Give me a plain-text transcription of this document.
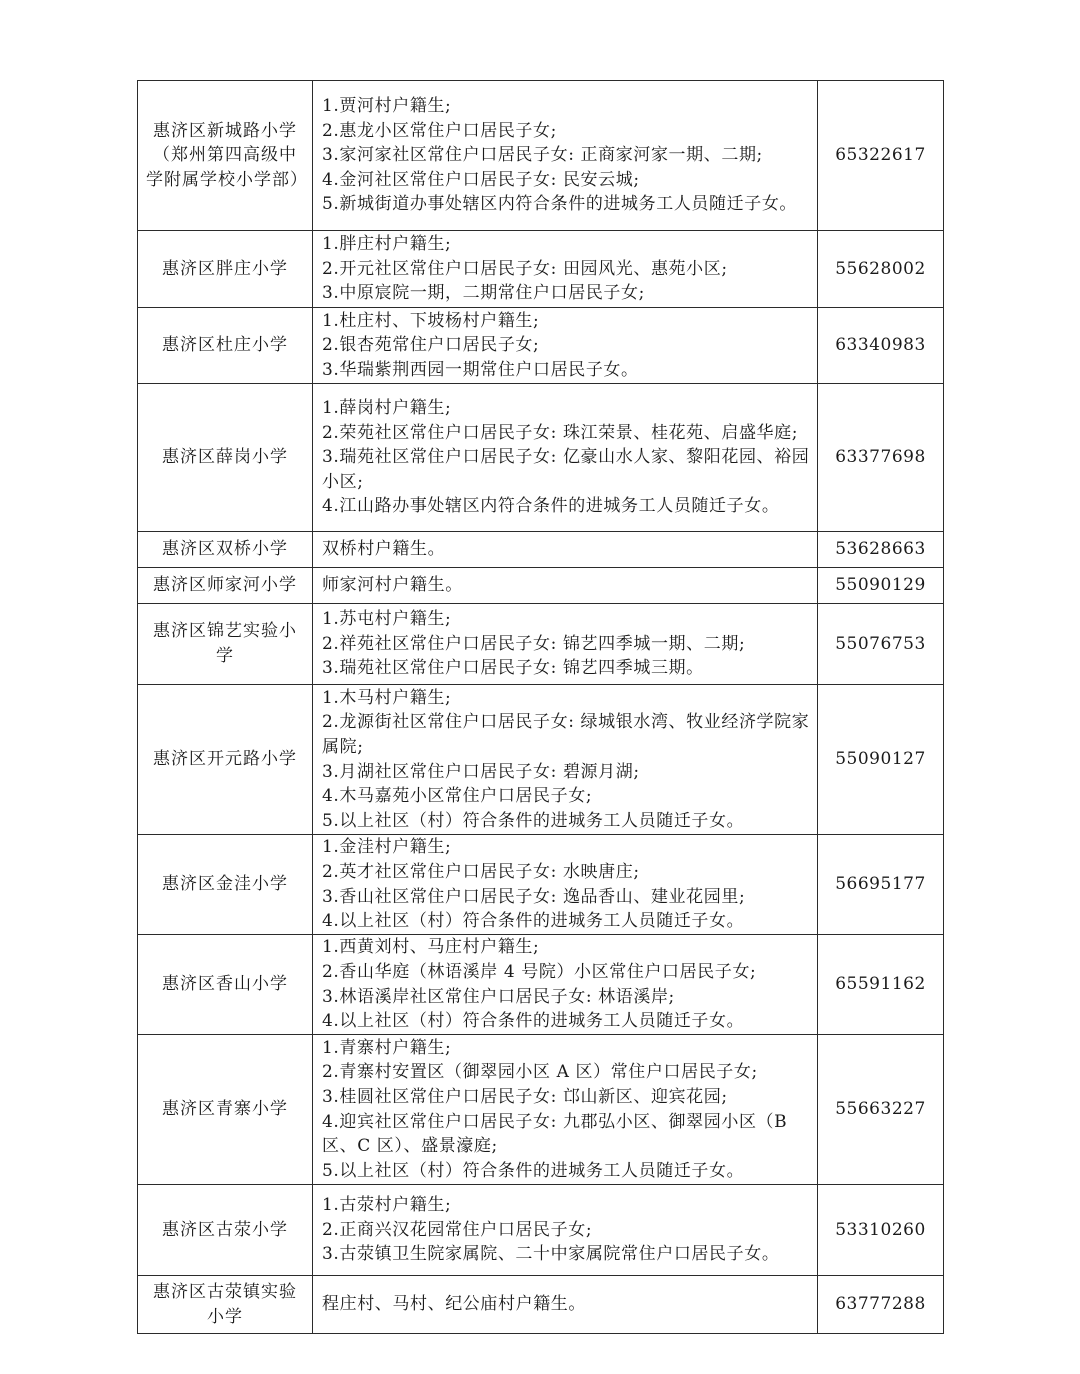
惠济区新城路小学（郑州第四高级中学附属学校小学部）	1.贾河村户籍生;
2.惠龙小区常住户口居民子女;
3.家河家社区常住户口居民子女: 正商家河家一期、二期;
4.金河社区常住户口居民子女: 民安云城;
5.新城街道办事处辖区内符合条件的进城务工人员随迁子女。	65322617
惠济区胖庄小学	1.胖庄村户籍生;
2.开元社区常住户口居民子女: 田园风光、惠苑小区;
3.中原宸院一期，二期常住户口居民子女;	55628002
惠济区杜庄小学	1.杜庄村、下坡杨村户籍生;
2.银杏苑常住户口居民子女;
3.华瑞紫荆西园一期常住户口居民子女。	63340983
惠济区薛岗小学	1.薛岗村户籍生;
2.荣苑社区常住户口居民子女: 珠江荣景、桂花苑、启盛华庭;
3.瑞苑社区常住户口居民子女: 亿豪山水人家、黎阳花园、裕园小区;
4.江山路办事处辖区内符合条件的进城务工人员随迁子女。	63377698
惠济区双桥小学	双桥村户籍生。	53628663
惠济区师家河小学	师家河村户籍生。	55090129
惠济区锦艺实验小学	1.苏屯村户籍生;
2.祥苑社区常住户口居民子女: 锦艺四季城一期、二期;
3.瑞苑社区常住户口居民子女: 锦艺四季城三期。	55076753
惠济区开元路小学	1.木马村户籍生;
2.龙源街社区常住户口居民子女: 绿城银水湾、牧业经济学院家属院;
3.月湖社区常住户口居民子女: 碧源月湖;
4.木马嘉苑小区常住户口居民子女;
5.以上社区（村）符合条件的进城务工人员随迁子女。	55090127
惠济区金洼小学	1.金洼村户籍生;
2.英才社区常住户口居民子女: 水映唐庄;
3.香山社区常住户口居民子女: 逸品香山、建业花园里;
4.以上社区（村）符合条件的进城务工人员随迁子女。	56695177
惠济区香山小学	1.西黄刘村、马庄村户籍生;
2.香山华庭（林语溪岸 4 号院）小区常住户口居民子女;
3.林语溪岸社区常住户口居民子女: 林语溪岸;
4.以上社区（村）符合条件的进城务工人员随迁子女。	65591162
惠济区青寨小学	1.青寨村户籍生;
2.青寨村安置区（御翠园小区 A 区）常住户口居民子女;
3.桂圆社区常住户口居民子女: 邙山新区、迎宾花园;
4.迎宾社区常住户口居民子女: 九郡弘小区、御翠园小区（B 区、C 区）、盛景濠庭;
5.以上社区（村）符合条件的进城务工人员随迁子女。	55663227
惠济区古荥小学	1.古荥村户籍生;
2.正商兴汉花园常住户口居民子女;
3.古荥镇卫生院家属院、二十中家属院常住户口居民子女。	53310260
惠济区古荥镇实验小学	程庄村、马村、纪公庙村户籍生。	63777288
